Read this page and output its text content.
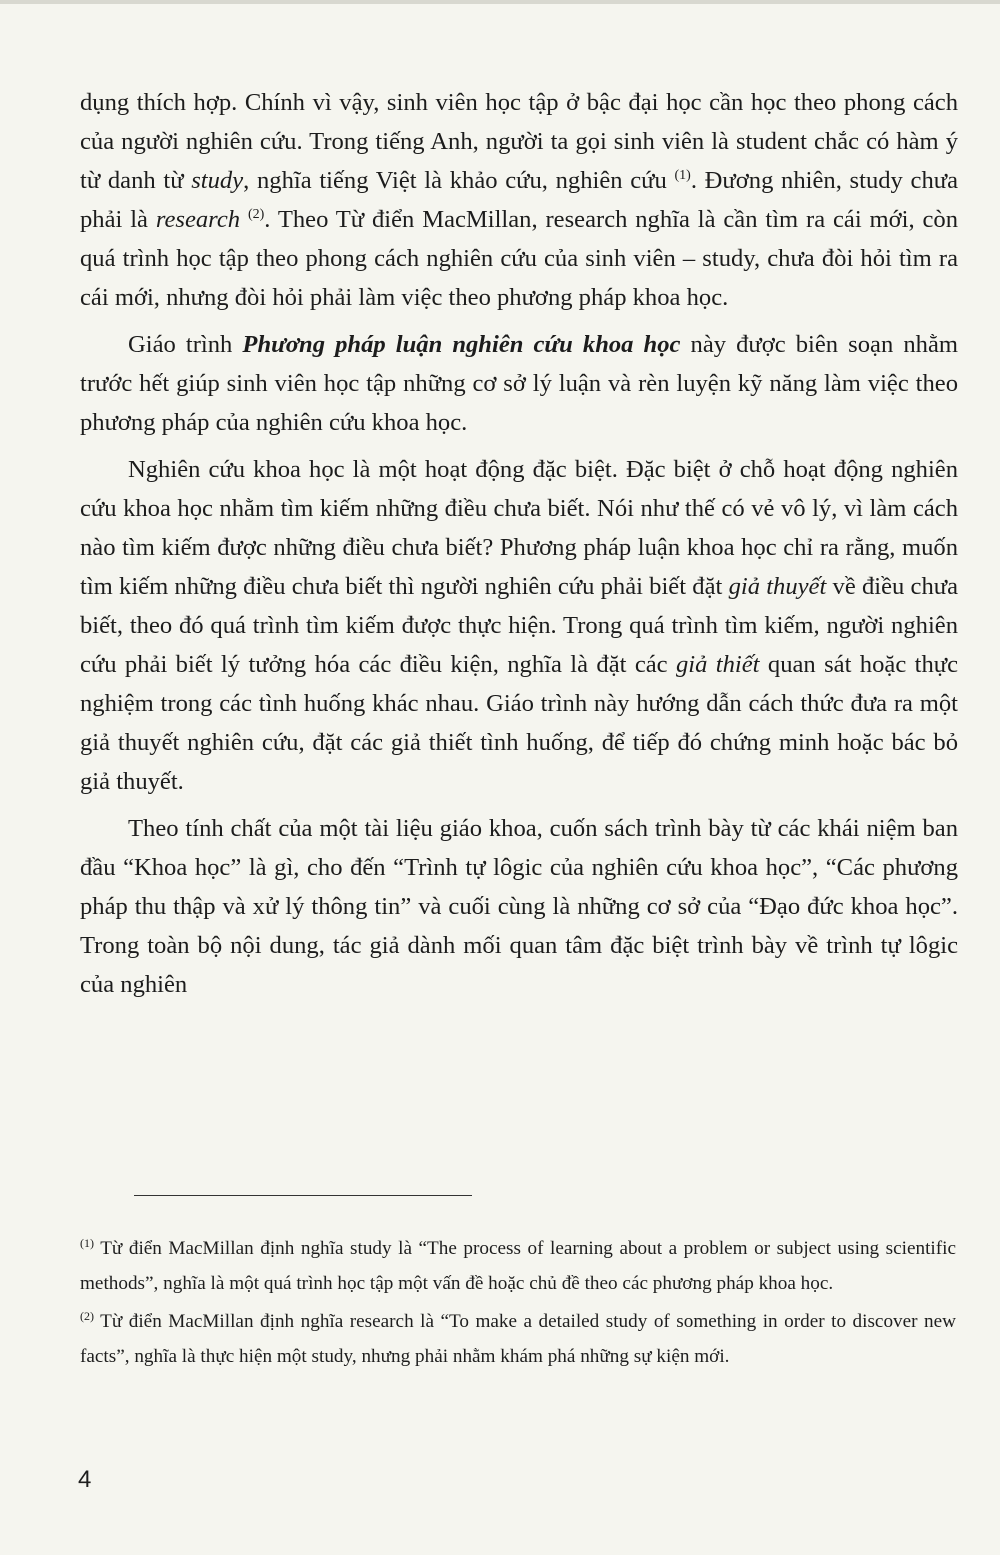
dụng thích hợp. Chính vì vậy, sinh viên học tập ở bậc đại học cần học theo phong cách của người nghiên cứu. Trong tiếng Anh, người ta gọi sinh viên là student chắc có hàm ý từ danh từ study, nghĩa tiếng Việt là khảo cứu, nghiên cứu $^{(1)}$. Đương nhiên, study chưa phải là research $^{(2)}$. Theo Từ điển MacMillan, research nghĩa là cần tìm ra cái mới, còn quá trình học tập theo phong cách nghiên cứu của sinh viên – study, chưa đòi hỏi tìm ra cái mới, nhưng đòi hỏi phải làm việc theo phương pháp khoa học.

Giáo trình Phương pháp luận nghiên cứu khoa học này được biên soạn nhằm trước hết giúp sinh viên học tập những cơ sở lý luận và rèn luyện kỹ năng làm việc theo phương pháp của nghiên cứu khoa học.

Nghiên cứu khoa học là một hoạt động đặc biệt. Đặc biệt ở chỗ hoạt động nghiên cứu khoa học nhằm tìm kiếm những điều chưa biết. Nói như thế có vẻ vô lý, vì làm cách nào tìm kiếm được những điều chưa biết? Phương pháp luận khoa học chỉ ra rằng, muốn tìm kiếm những điều chưa biết thì người nghiên cứu phải biết đặt giả thuyết về điều chưa biết, theo đó quá trình tìm kiếm được thực hiện. Trong quá trình tìm kiếm, người nghiên cứu phải biết lý tưởng hóa các điều kiện, nghĩa là đặt các giả thiết quan sát hoặc thực nghiệm trong các tình huống khác nhau. Giáo trình này hướng dẫn cách thức đưa ra một giả thuyết nghiên cứu, đặt các giả thiết tình huống, để tiếp đó chứng minh hoặc bác bỏ giả thuyết.

Theo tính chất của một tài liệu giáo khoa, cuốn sách trình bày từ các khái niệm ban đầu “Khoa học” là gì, cho đến “Trình tự lôgic của nghiên cứu khoa học”, “Các phương pháp thu thập và xử lý thông tin” và cuối cùng là những cơ sở của “Đạo đức khoa học”. Trong toàn bộ nội dung, tác giả dành mối quan tâm đặc biệt trình bày về trình tự lôgic của nghiên

$^{(1)}$ Từ điển MacMillan định nghĩa study là “The process of learning about a problem or subject using scientific methods”, nghĩa là một quá trình học tập một vấn đề hoặc chủ đề theo các phương pháp khoa học.

$^{(2)}$ Từ điển MacMillan định nghĩa research là “To make a detailed study of something in order to discover new facts”, nghĩa là thực hiện một study, nhưng phải nhằm khám phá những sự kiện mới.

4
